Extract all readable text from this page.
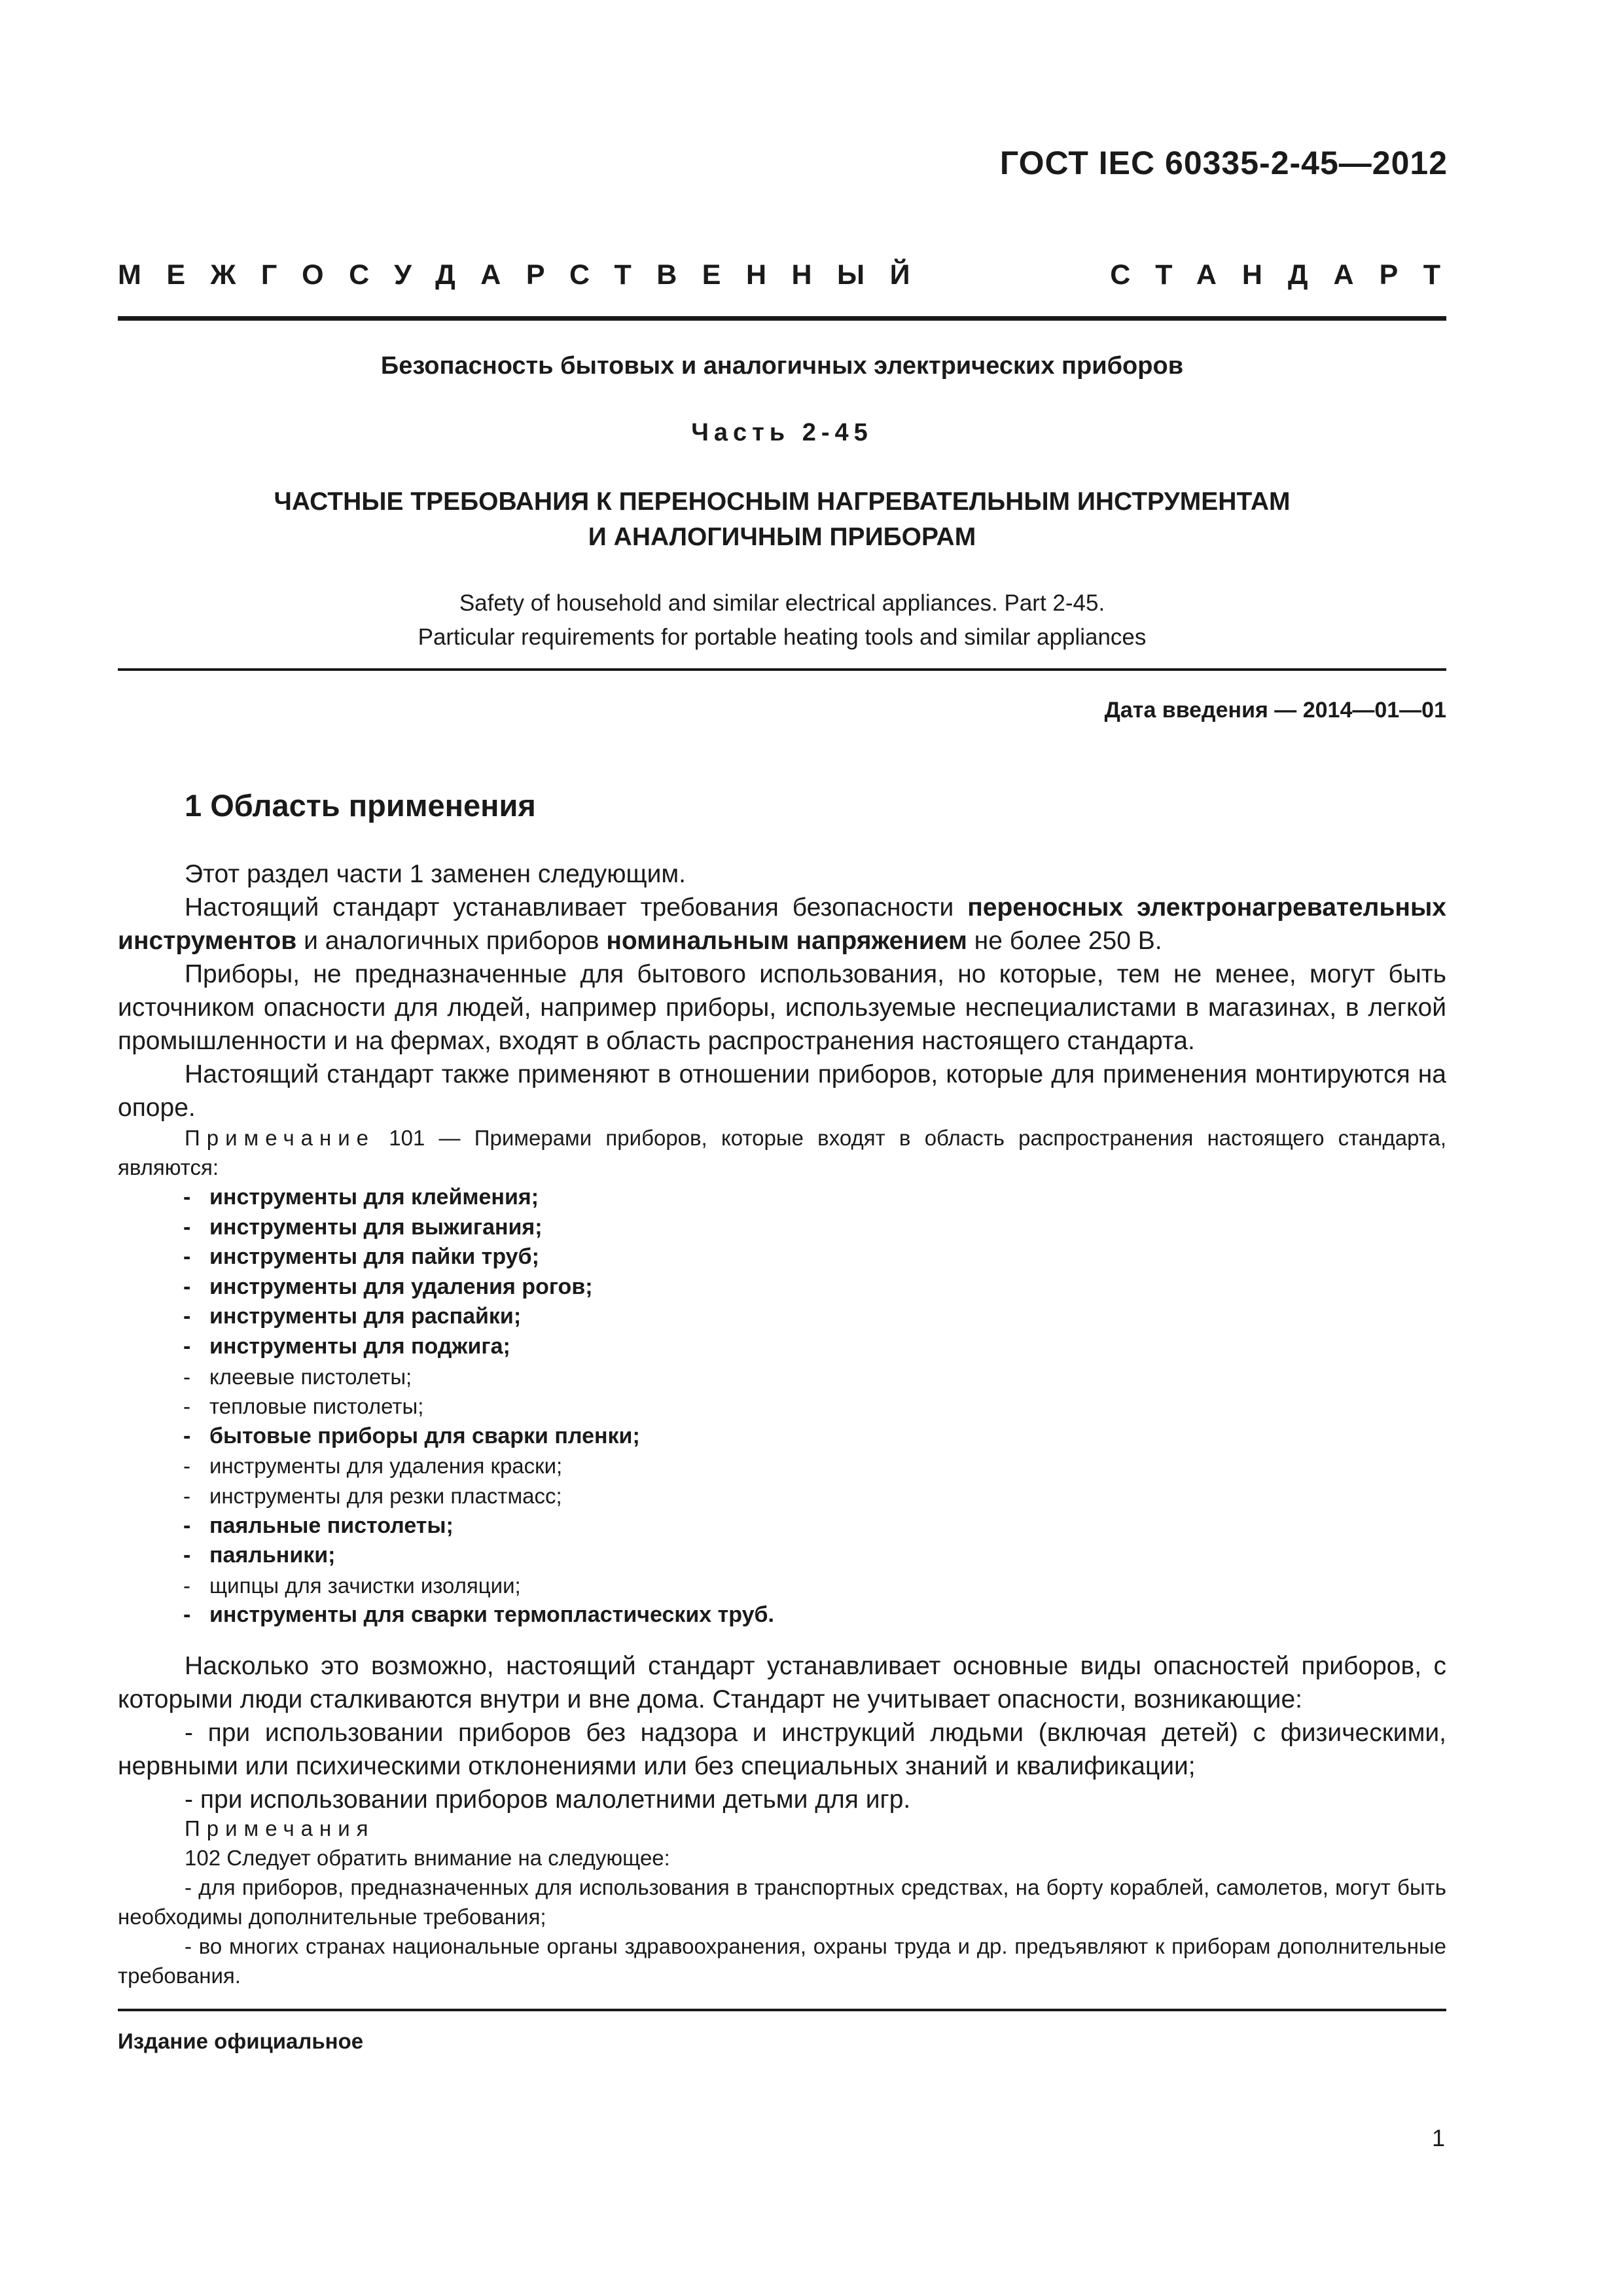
ГОСТ IEC 60335-2-45—2012
МЕЖГОСУДАРСТВЕННЫЙ	СТАНДАРТ
Безопасность бытовых и аналогичных электрических приборов
Часть 2-45
ЧАСТНЫЕ ТРЕБОВАНИЯ К ПЕРЕНОСНЫМ НАГРЕВАТЕЛЬНЫМ ИНСТРУМЕНТАМ
И АНАЛОГИЧНЫМ ПРИБОРАМ
Safety of household and similar electrical appliances. Part 2-45.
Particular requirements for portable heating tools and similar appliances
Дата введения — 2014—01—01
1 Область применения

Этот раздел части 1 заменен следующим.

Настоящий стандарт устанавливает требования безопасности переносных электронагревательных инструментов и аналогичных приборов номинальным напряжением не более 250 В.

Приборы, не предназначенные для бытового использования, но которые, тем не менее, могут быть источником опасности для людей, например приборы, используемые неспециалистами в магазинах, в легкой промышленности и на фермах, входят в область распространения настоящего стандарта.

Настоящий стандарт также применяют в отношении приборов, которые для применения монтируются на опоре.

Примечание 101 — Примерами приборов, которые входят в область распространения настоящего стандарта, являются:

- инструменты для клеймения;
- инструменты для выжигания;
- инструменты для пайки труб;
- инструменты для удаления рогов;
- инструменты для распайки;
- инструменты для поджига;
- клеевые пистолеты;
- тепловые пистолеты;
- бытовые приборы для сварки пленки;
- инструменты для удаления краски;
- инструменты для резки пластмасс;
- паяльные пистолеты;
- паяльники;
- щипцы для зачистки изоляции;
- инструменты для сварки термопластических труб.

Насколько это возможно, настоящий стандарт устанавливает основные виды опасностей приборов, с которыми люди сталкиваются внутри и вне дома. Стандарт не учитывает опасности, возникающие:

- при использовании приборов без надзора и инструкций людьми (включая детей) с физическими, нервными или психическими отклонениями или без специальных знаний и квалификации;

- при использовании приборов малолетними детьми для игр.

Примечания

102 Следует обратить внимание на следующее:

- для приборов, предназначенных для использования в транспортных средствах, на борту кораблей, самолетов, могут быть необходимы дополнительные требования;

- во многих странах национальные органы здравоохранения, охраны труда и др. предъявляют к приборам дополнительные требования.

Издание официальное
1
